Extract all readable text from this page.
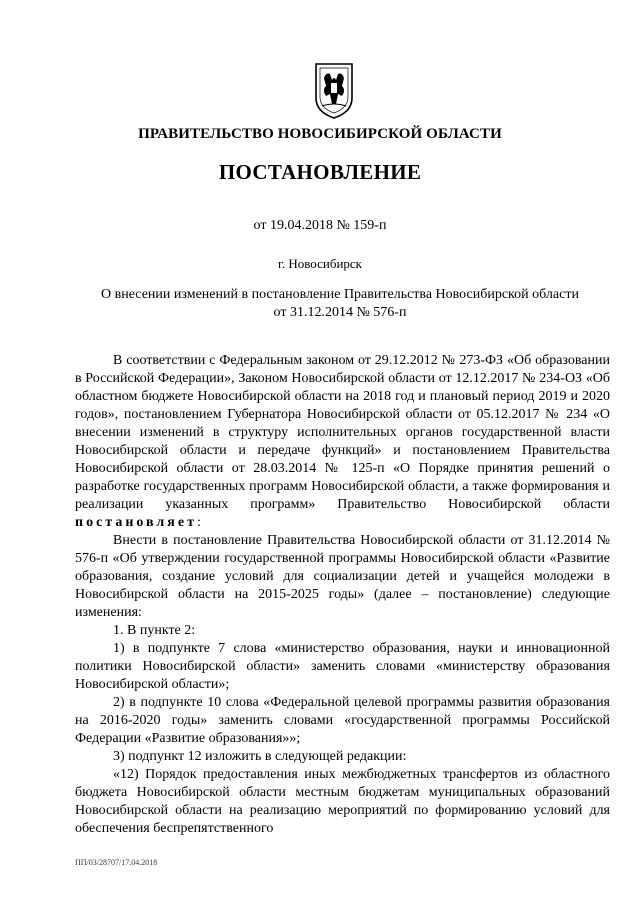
ПРАВИТЕЛЬСТВО НОВОСИБИРСКОЙ ОБЛАСТИ
ПОСТАНОВЛЕНИЕ
от 19.04.2018 № 159-п
г. Новосибирск
О внесении изменений в постановление Правительства Новосибирской области
от 31.12.2014 № 576-п

В соответствии с Федеральным законом от 29.12.2012 № 273-ФЗ «Об образовании в Российской Федерации», Законом Новосибирской области от 12.12.2017 № 234-ОЗ «Об областном бюджете Новосибирской области на 2018 год и плановый период 2019 и 2020 годов», постановлением Губернатора Новосибирской области от 05.12.2017 № 234 «О внесении изменений в структуру исполнительных органов государственной власти Новосибирской области и передаче функций» и постановлением Правительства Новосибирской области от 28.03.2014 № 125-п «О Порядке принятия решений о разработке государственных программ Новосибирской области, а также формирования и реализации указанных программ» Правительство Новосибирской области постановляет:

Внести в постановление Правительства Новосибирской области от 31.12.2014 № 576-п «Об утверждении государственной программы Новосибирской области «Развитие образования, создание условий для социализации детей и учащейся молодежи в Новосибирской области на 2015-2025 годы» (далее – постановление) следующие изменения:

1. В пункте 2:

1) в подпункте 7 слова «министерство образования, науки и инновационной политики Новосибирской области» заменить словами «министерству образования Новосибирской области»;

2) в подпункте 10 слова «Федеральной целевой программы развития образования на 2016-2020 годы» заменить словами «государственной программы Российской Федерации «Развитие образования»»;

3) подпункт 12 изложить в следующей редакции:

«12) Порядок предоставления иных межбюджетных трансфертов из областного бюджета Новосибирской области местным бюджетам муниципальных образований Новосибирской области на реализацию мероприятий по формированию условий для обеспечения беспрепятственного

ПП/03/28707/17.04.2018
